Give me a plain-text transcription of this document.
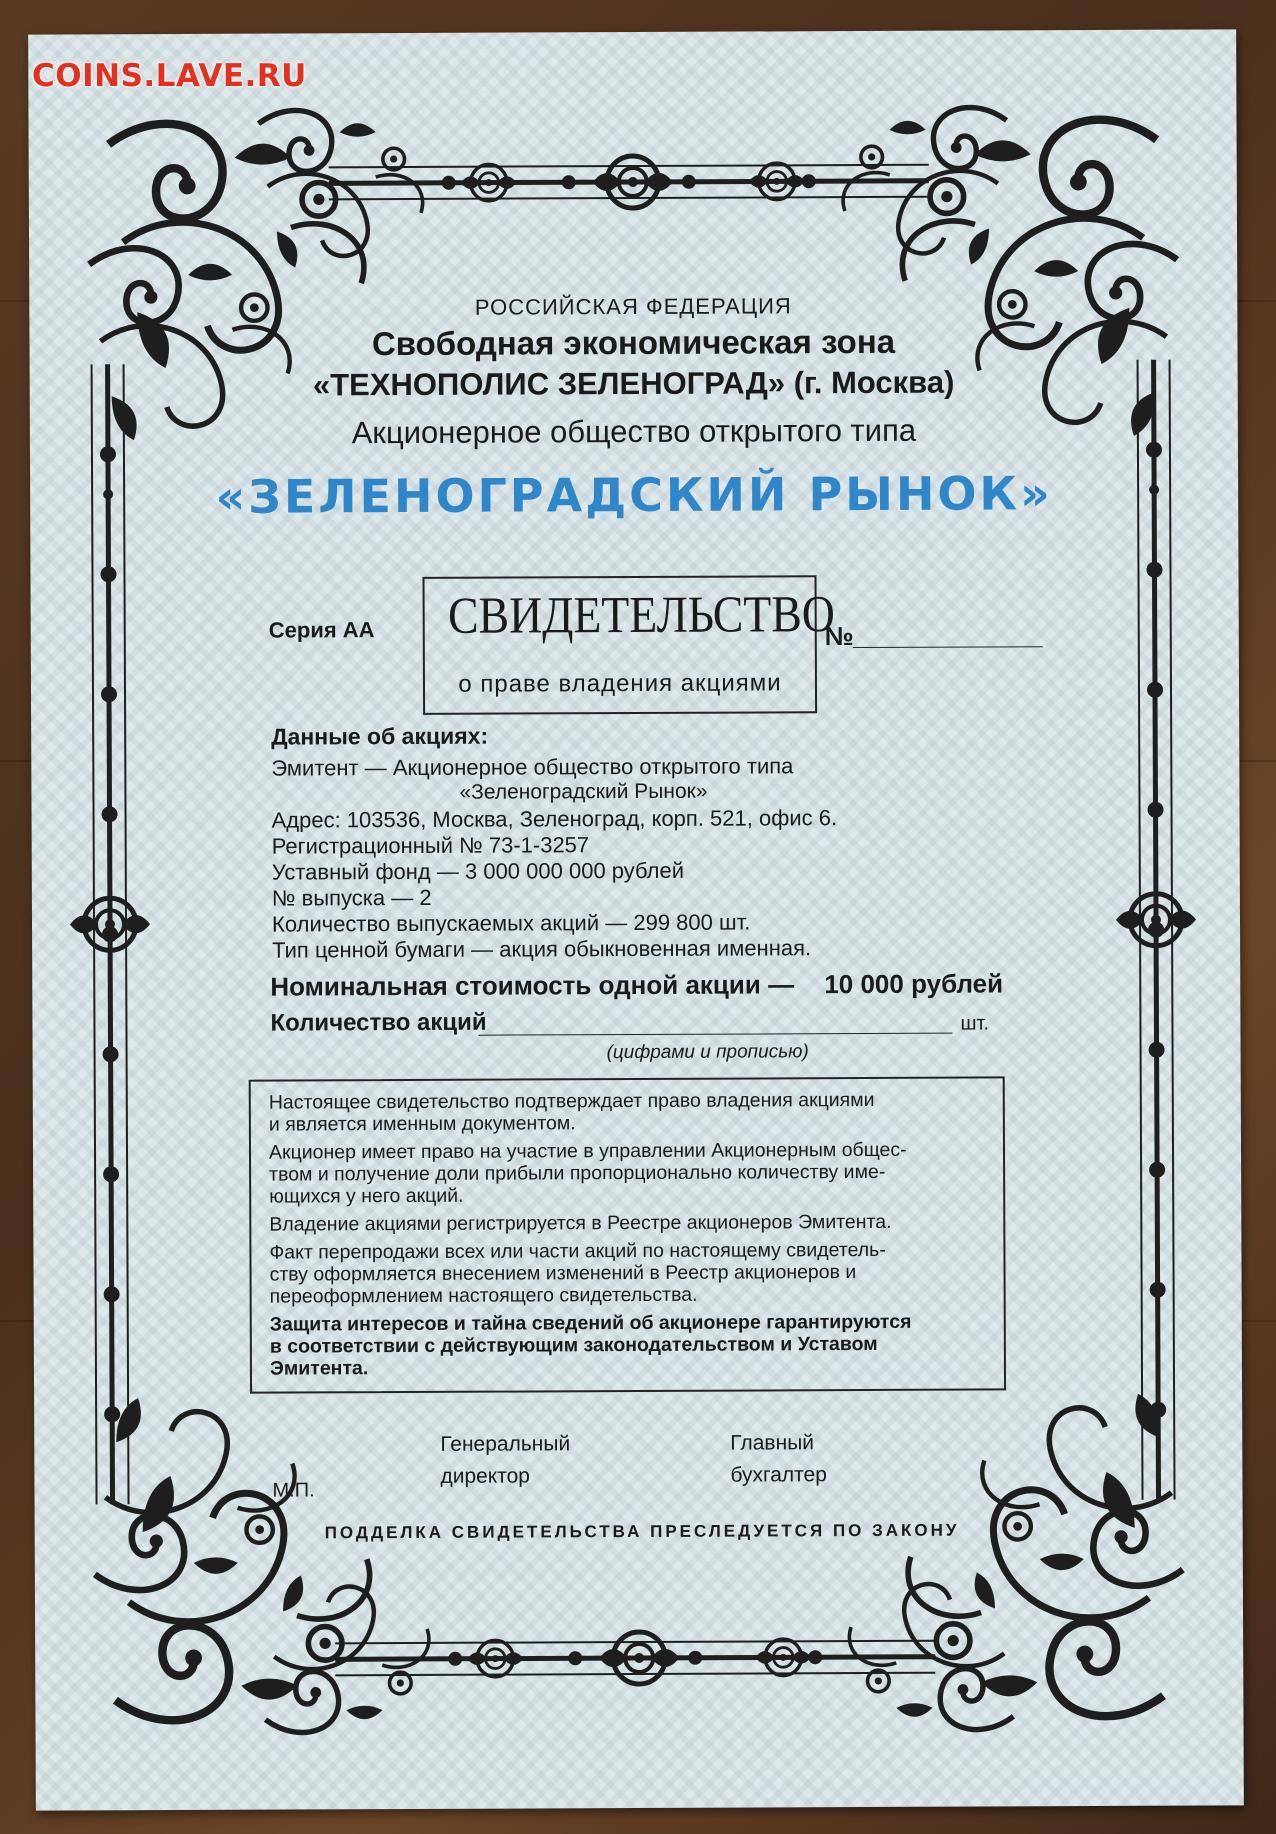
РОССИЙСКАЯ ФЕДЕРАЦИЯ
Свободная экономическая зона
«ТЕХНОПОЛИС ЗЕЛЕНОГРАД» (г. Москва)
Акционерное общество открытого типа
«ЗЕЛЕНОГРАДСКИЙ РЫНОК»
Серия АА СВИДЕТЕЛЬСТВО
о праве владения акциями
№
Данные об акциях:
Эмитент — Акционерное общество открытого типа
«Зеленоградский Рынок»
Адрес: 103536, Москва, Зеленоград, корп. 521, офис 6.
Регистрационный № 73-1-3257
Уставный фонд — 3 000 000 000 рублей
№ выпуска — 2
Количество выпускаемых акций — 299 800 шт.
Тип ценной бумаги — акция обыкновенная именная.
Номинальная стоимость одной акции — 10 000 рублей
Количество акций	шт.
(цифрами и прописью)
Настоящее свидетельство подтверждает право владения акциями
и является именным документом.
Акционер имеет право на участие в управлении Акционерным общес-
твом и получение доли прибыли пропорционально количеству име-
ющихся у него акций.
Владение акциями регистрируется в Реестре акционеров Эмитента.
Факт перепродажи всех или части акций по настоящему свидетель-
ству оформляется внесением изменений в Реестр акционеров и
переоформлением настоящего свидетельства.
Защита интересов и тайна сведений об акционере гарантируются
в соответствии с действующим законодательством и Уставом
Эмитента.
Генеральный
директор
Главный
бухгалтер
М.П.
ПОДДЕЛКА СВИДЕТЕЛЬСТВА ПРЕСЛЕДУЕТСЯ ПО ЗАКОНУ
COINS.LAVE.RU
